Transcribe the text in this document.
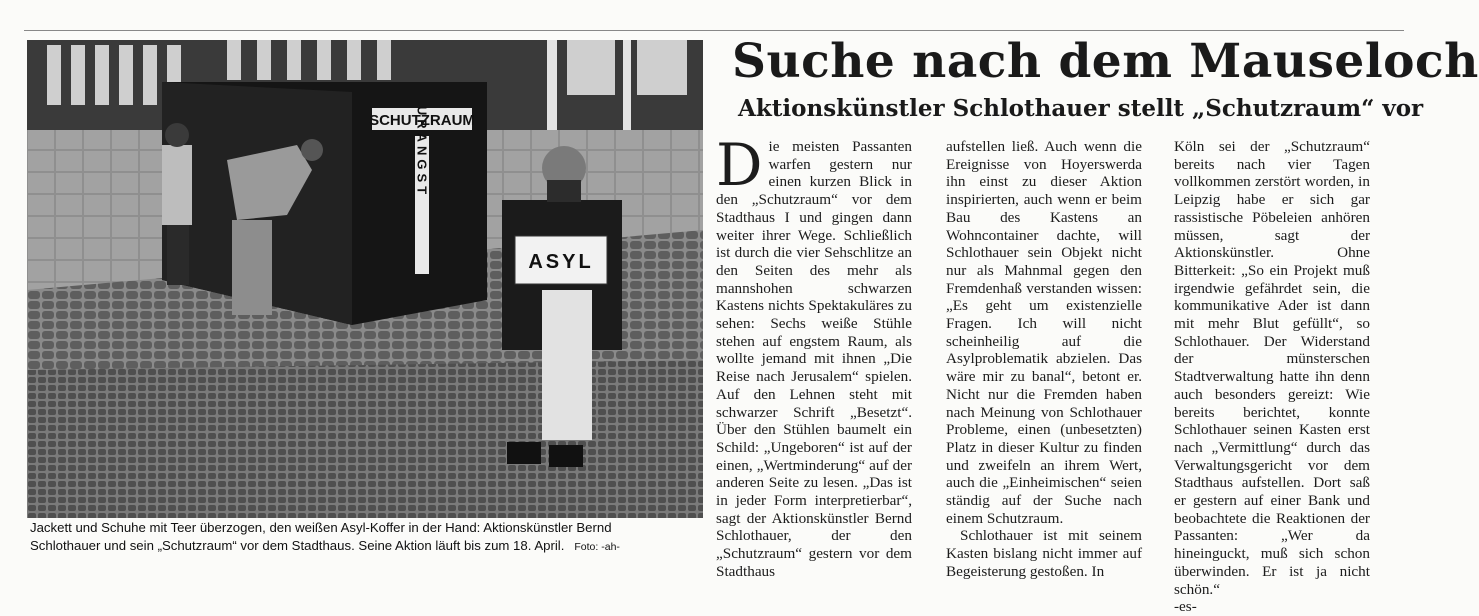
SCHUTZRAUM
URANGST
ASYL
Jackett und Schuhe mit Teer überzogen, den weißen Asyl-Koffer in der Hand: Aktionskünstler Bernd
Schlothauer und sein „Schutzraum“ vor dem Stadthaus. Seine Aktion läuft bis zum 18. April. Foto: -ah-
Suche nach dem Mauseloch
Aktionskünstler Schlothauer stellt „Schutzraum“ vor

Die meisten Passanten warfen gestern nur einen kurzen Blick in den „Schutzraum“ vor dem Stadthaus I und gingen dann weiter ihrer Wege. Schließlich ist durch die vier Sehschlitze an den Seiten des mehr als mannshohen schwarzen Kastens nichts Spektakuläres zu sehen: Sechs weiße Stühle stehen auf engstem Raum, als wollte jemand mit ihnen „Die Reise nach Jerusalem“ spielen. Auf den Lehnen steht mit schwarzer Schrift „Besetzt“. Über den Stühlen baumelt ein Schild: „Ungeboren“ ist auf der einen, „Wertminderung“ auf der anderen Seite zu lesen. „Das ist in jeder Form interpretierbar“, sagt der Aktionskünstler Bernd Schlothauer, der den „Schutzraum“ gestern vor dem Stadthaus

aufstellen ließ. Auch wenn die Ereignisse von Hoyerswerda ihn einst zu dieser Aktion inspirierten, auch wenn er beim Bau des Kastens an Wohncontainer dachte, will Schlothauer sein Objekt nicht nur als Mahnmal gegen den Fremdenhaß verstanden wissen: „Es geht um existenzielle Fragen. Ich will nicht scheinheilig auf die Asylproblematik abzielen. Das wäre mir zu banal“, betont er. Nicht nur die Fremden haben nach Meinung von Schlothauer Probleme, einen (unbesetzten) Platz in dieser Kultur zu finden und zweifeln an ihrem Wert, auch die „Einheimischen“ seien ständig auf der Suche nach einem Schutzraum.

Schlothauer ist mit seinem Kasten bislang nicht immer auf Begeisterung gestoßen. In

Köln sei der „Schutzraum“ bereits nach vier Tagen vollkommen zerstört worden, in Leipzig habe er sich gar rassistische Pöbeleien anhören müssen, sagt der Aktionskünstler. Ohne Bitterkeit: „So ein Projekt muß irgendwie gefährdet sein, die kommunikative Ader ist dann mit mehr Blut gefüllt“, so Schlothauer. Der Widerstand der münsterschen Stadtverwaltung hatte ihn denn auch besonders gereizt: Wie bereits berichtet, konnte Schlothauer seinen Kasten erst nach „Vermittlung“ durch das Verwaltungsgericht vor dem Stadthaus aufstellen. Dort saß er gestern auf einer Bank und beobachtete die Reaktionen der Passanten: „Wer da hineinguckt, muß sich schon überwinden. Er ist ja nicht schön.“

-es-
